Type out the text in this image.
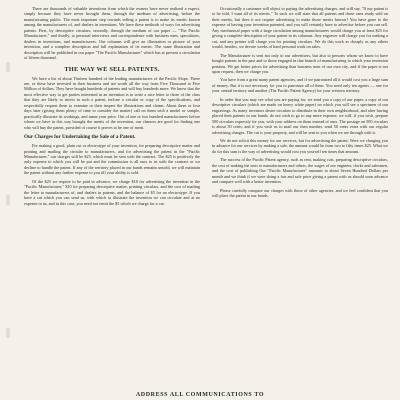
There are thousands of valuable inventions from which the owners have never realized a expect, simply because they have never brought them, through the medium of advertising, before the manufacturing public. The most important step towards selling a patent is to make its merits known among the manufacturers of, and dealers in inventions. We have these methods of ways for advertising patents. First, by descriptive circulars, secondly, through the medium of our paper — "The Pacific Manufacturer," and thirdly, to personal interviews and correspondence with business men, speculators, dealers in inventions, and manufacturers. Our columns will give an illustration or picture of your invention, and a complete description and full explanation of its merits. The same illustration and description will be published in our paper "The Pacific Manufacturer" which has at present a circulation of fifteen thousand.

THE WAY WE SELL PATENTS.

We have a list of about Thirteen hundred of the leading manufacturers of the Pacific Slope. These are, or these have invested in their business and are worth all the way from Five Thousand to Five Million of dollars. They have bought hundreds of patents and will buy hundreds more. We know that the most effective way to get parties interested in an invention is to write a nice letter to those of the class that they are likely to invest in such a patent, inclose a circular or copy of the specifications, and respectfully request them to examine or their inspect the illustrations and claims. About three or four days later (giving them plenty of time to consider the matter) call on them with a model or sample, practically illustrate its workings, and name your price. Out of one or two hundred manufacturers before whom we have in this way brought the merits of the invention, our chances are good for finding one who will buy the patent, provided of course it proves to be one of merit.

Our Charges for Undertaking the Sale of a Patent.

For making a good, plain cut or electrotype of your invention, for preparing descriptive matter and printing and mailing the circular to manufacturers, and for advertising the patent in the "Pacific Manufacturer," our charges will be $25, which must be sent with the contract. The $25 is positively the only expense to which you will be put and the commission is all ours to us with the contract or we decline to handle the patent. If any of the territory placed in our hands remains unsold, we will maintain the patent without any further expense to you till your ability is sold.

Of the $25 we require to be paid in advance, we charge $10 for advertising the invention in the "Pacific Manufacturer," $10 for preparing descriptive matter, printing circulars, and the cost of mailing the letter to manufacturers of, and dealers in patents, and the balance of $5 for an electrotype. If you have a cut which you can send us, with which to illustrate the invention we can circulate and at no expense to us, and in this case, you need not remit the $5 which we charge for a cut.

Occasionally a customer will object to paying the advertising charges, and will say, "If my patent is to be sold, I want all of its merits." To such we will state that all patents and those ones ready sold on their merits, but does it not require advertising to make those merits known? You have gone to the expense of having your invention patented, and you will certainly have to advertise before you can sell. Any mechanical paper with a large circulation among manufacturers would charge you at least $25 for giving a complete description of your patent in its columns. Any engraver will charge you for making a cut, and any printer will charge you for printing circulars. We do this work as cheaply as any others would, besides, we devote weeks of hard personal work on sales.

The Manufacturer is sent not only to our advertisers, but also to persons whom we know to have bought patents in the past and to those engaged in that branch of manufacturing to which your invention pertains. We get better prices for advertising than business men of our own city, and if the paper is not upon request, then we charge you.

You have from a great many patent agencies, and if we patronized all it would cost you a large sum of money. But it is not necessary for you to patronize all of them. You need only ten agents — one for your central territory and another (The Pacific Patent Agency) for your western territory.

In order that you may see what you are paying for, we send you a copy of our paper, a copy of our descriptive circulars (which are made on heavy white paper) on which you will see a specimen of our engravings. As many inventors desire circulars to distribute in their own neighborhood, and after having placed their patents in our hands, do not wish to go to any more expense, we will, if you wish, prepare 500 circulars expressly for you, with your address on them instead of ours. The postage on 500 circulars is about 50 cents, and if you wish us to mail our then number, send 50 cents extra with our regular advertising charges. The cut is your property, and will be sent to you when we are through with it.

We do not solicit this money for our services, but for advertising the patent. Were we charging you in advance for our services by making a sale, the amount would be from two to fifty times $25. What we do for this sum is the way of advertising would cost you yourself ten times that amount.

The success of the Pacific Patent agency, such as rent, making cuts, preparing descriptive circulars, the cost of making the tests to manufacturers and others, the wages of our engineer, clerks and salesmen, and the cost of publishing Our "Pacific Manufacturer" amounts to about Seven Hundred Dollars per month and we think if we were doing a fair and safe price giving a patent with us should soon advance and compare well with a better invention.

Please carefully compare our charges with those of other agencies, and we feel confident that you will place the patent in our hands.

ADDRESS ALL COMMUNICATIONS TO
